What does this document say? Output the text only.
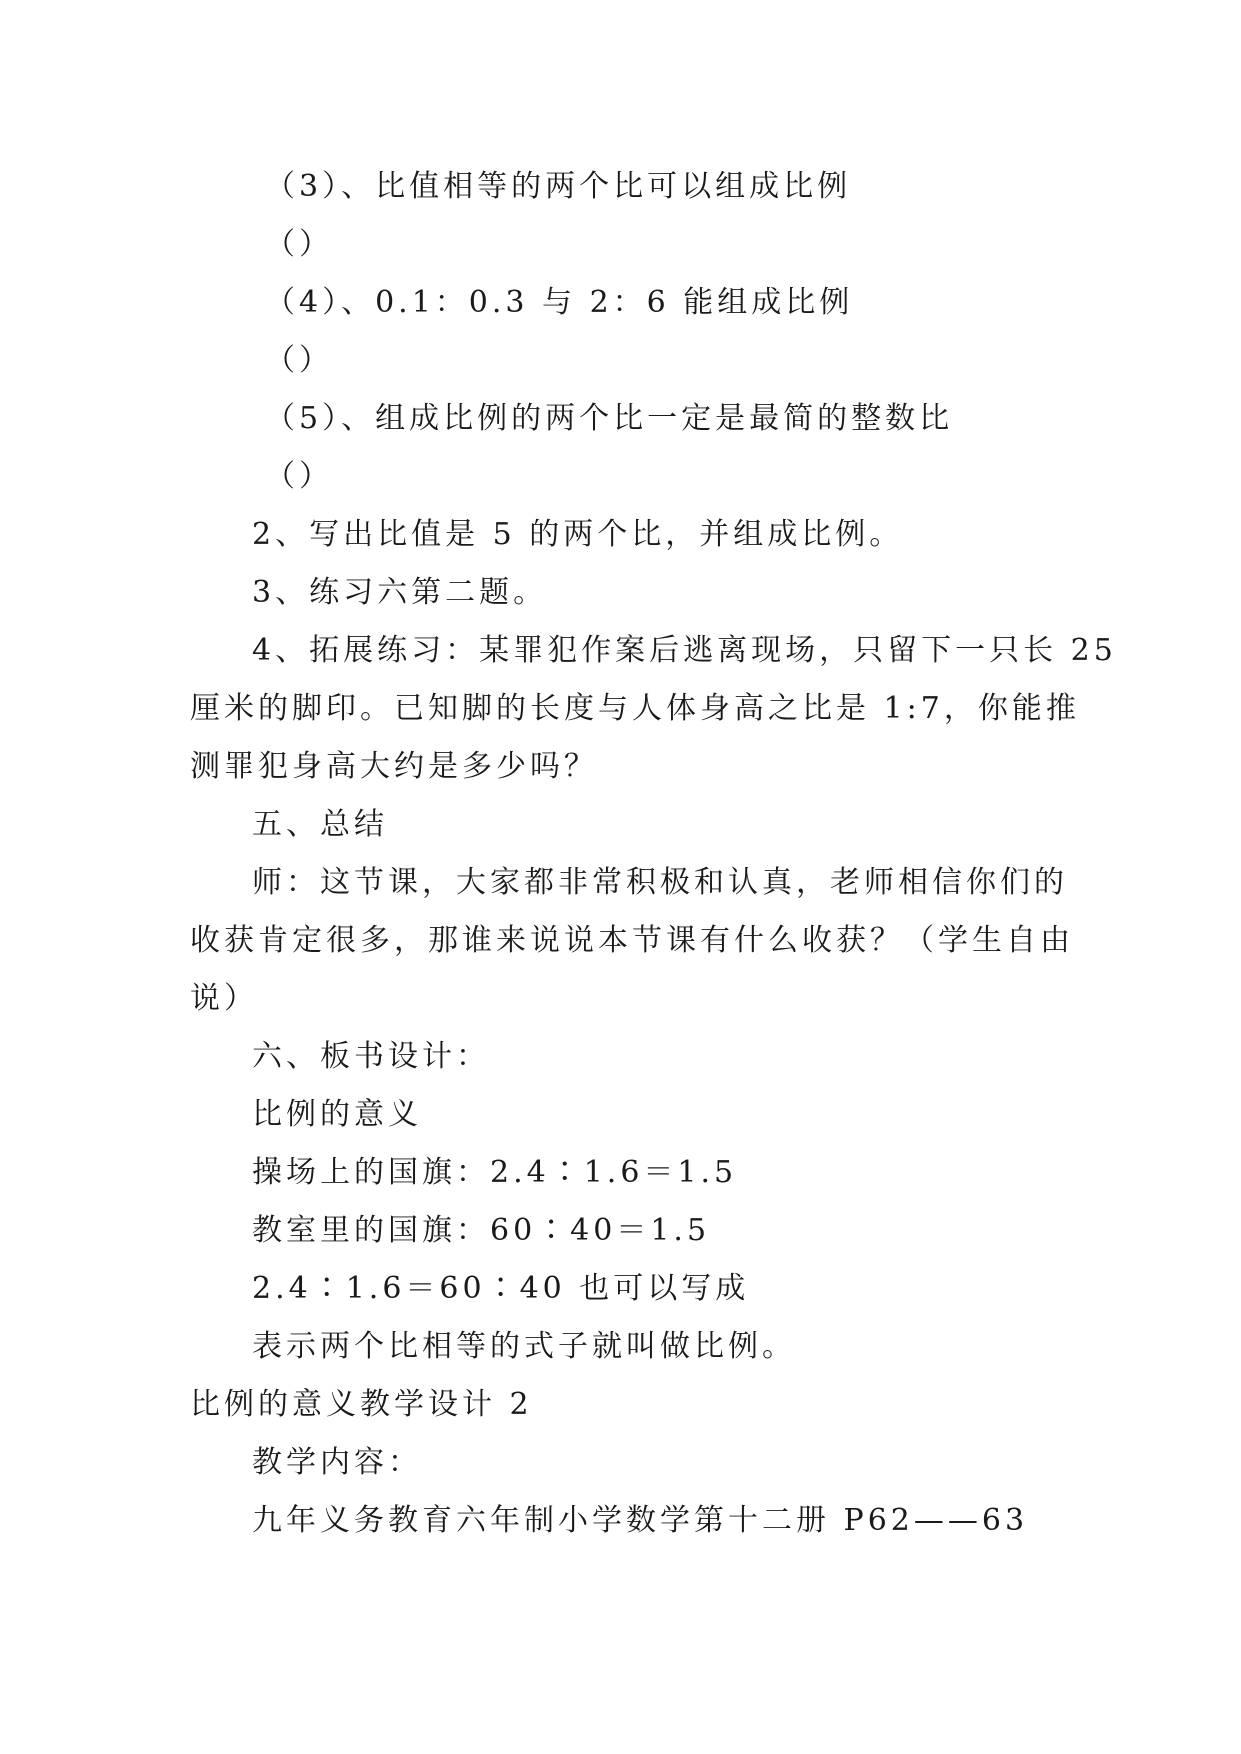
（3）、比值相等的两个比可以组成比例
（）
（4）、0.1：0.3 与 2：6 能组成比例
（）
（5）、组成比例的两个比一定是最简的整数比
（）
2、写出比值是 5 的两个比，并组成比例。
3、练习六第二题。
4、拓展练习：某罪犯作案后逃离现场，只留下一只长 25
厘米的脚印。已知脚的长度与人体身高之比是 1:7，你能推
测罪犯身高大约是多少吗？
五、总结
师：这节课，大家都非常积极和认真，老师相信你们的
收获肯定很多，那谁来说说本节课有什么收获？（学生自由
说）
六、板书设计：
比例的意义
操场上的国旗：2.4∶1.6＝1.5
教室里的国旗：60∶40＝1.5
2.4∶1.6＝60∶40 也可以写成
表示两个比相等的式子就叫做比例。
比例的意义教学设计 2
教学内容：
九年义务教育六年制小学数学第十二册 P62——63
